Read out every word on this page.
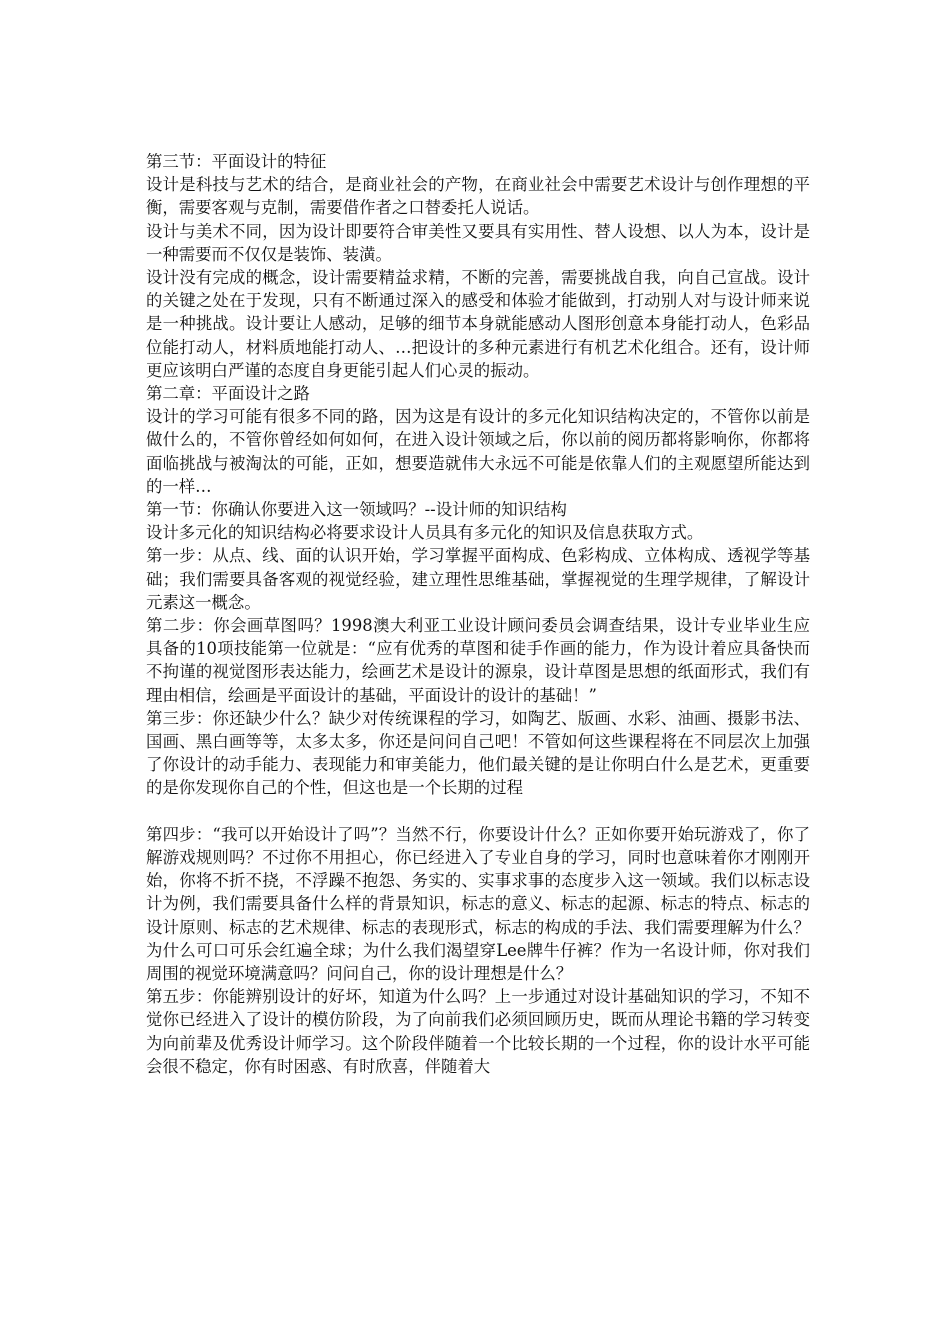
第三节：平面设计的特征

设计是科技与艺术的结合，是商业社会的产物，在商业社会中需要艺术设计与创作理想的平衡，需要客观与克制，需要借作者之口替委托人说话。

设计与美术不同，因为设计即要符合审美性又要具有实用性、替人设想、以人为本，设计是一种需要而不仅仅是装饰、装潢。

设计没有完成的概念，设计需要精益求精，不断的完善，需要挑战自我，向自己宣战。设计的关键之处在于发现，只有不断通过深入的感受和体验才能做到，打动别人对与设计师来说是一种挑战。设计要让人感动，足够的细节本身就能感动人图形创意本身能打动人，色彩品位能打动人，材料质地能打动人、…把设计的多种元素进行有机艺术化组合。还有，设计师更应该明白严谨的态度自身更能引起人们心灵的振动。

第二章：平面设计之路

设计的学习可能有很多不同的路，因为这是有设计的多元化知识结构决定的，不管你以前是做什么的，不管你曾经如何如何，在进入设计领域之后，你以前的阅历都将影响你，你都将面临挑战与被淘汰的可能，正如，想要造就伟大永远不可能是依靠人们的主观愿望所能达到的一样…

第一节：你确认你要进入这一领域吗？--设计师的知识结构

设计多元化的知识结构必将要求设计人员具有多元化的知识及信息获取方式。

第一步：从点、线、面的认识开始，学习掌握平面构成、色彩构成、立体构成、透视学等基础；我们需要具备客观的视觉经验，建立理性思维基础，掌握视觉的生理学规律，了解设计元素这一概念。

第二步：你会画草图吗？1998澳大利亚工业设计顾问委员会调查结果，设计专业毕业生应具备的10项技能第一位就是：“应有优秀的草图和徒手作画的能力，作为设计着应具备快而不拘谨的视觉图形表达能力，绘画艺术是设计的源泉，设计草图是思想的纸面形式，我们有理由相信，绘画是平面设计的基础，平面设计的设计的基础！”

第三步：你还缺少什么？缺少对传统课程的学习，如陶艺、版画、水彩、油画、摄影书法、国画、黑白画等等，太多太多，你还是问问自己吧！不管如何这些课程将在不同层次上加强了你设计的动手能力、表现能力和审美能力，他们最关键的是让你明白什么是艺术，更重要的是你发现你自己的个性，但这也是一个长期的过程

第四步：“我可以开始设计了吗”？当然不行，你要设计什么？正如你要开始玩游戏了，你了解游戏规则吗？不过你不用担心，你已经进入了专业自身的学习，同时也意味着你才刚刚开始，你将不折不挠，不浮躁不抱怨、务实的、实事求事的态度步入这一领域。我们以标志设计为例，我们需要具备什么样的背景知识，标志的意义、标志的起源、标志的特点、标志的设计原则、标志的艺术规律、标志的表现形式，标志的构成的手法、我们需要理解为什么？为什么可口可乐会红遍全球；为什么我们渴望穿Lee牌牛仔裤？作为一名设计师，你对我们周围的视觉环境满意吗？问问自己，你的设计理想是什么？

第五步：你能辨别设计的好坏，知道为什么吗？上一步通过对设计基础知识的学习，不知不觉你已经进入了设计的模仿阶段，为了向前我们必须回顾历史，既而从理论书籍的学习转变为向前辈及优秀设计师学习。这个阶段伴随着一个比较长期的一个过程，你的设计水平可能会很不稳定，你有时困惑、有时欣喜，伴随着大
